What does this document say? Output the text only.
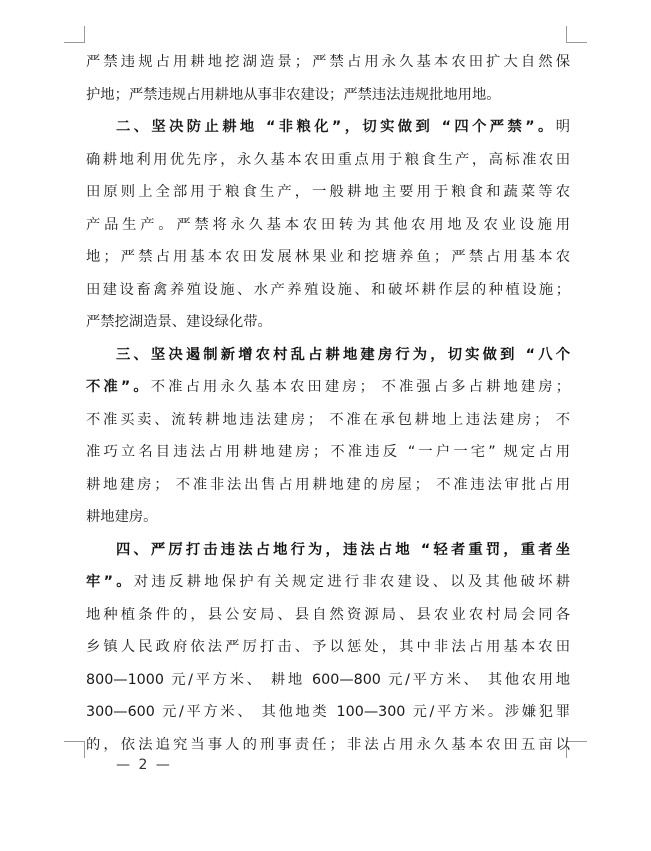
严禁违规占用耕地挖湖造景；严禁占用永久基本农田扩大自然保
护地；严禁违规占用耕地从事非农建设；严禁违法违规批地用地。
二、坚决防止耕地 “非粮化”，切实做到 “四个严禁”。明
确耕地利用优先序，永久基本农田重点用于粮食生产，高标准农田
田原则上全部用于粮食生产，一般耕地主要用于粮食和蔬菜等农
产品生产。严禁将永久基本农田转为其他农用地及农业设施用
地；严禁占用基本农田发展林果业和挖塘养鱼；严禁占用基本农
田建设畜禽养殖设施、水产养殖设施、和破坏耕作层的种植设施；
严禁挖湖造景、建设绿化带。
三、坚决遏制新增农村乱占耕地建房行为，切实做到 “八个
不准”。不准占用永久基本农田建房； 不准强占多占耕地建房；
不准买卖、流转耕地违法建房； 不准在承包耕地上违法建房； 不
准巧立名目违法占用耕地建房；不准违反 “一户一宅” 规定占用
耕地建房； 不准非法出售占用耕地建的房屋； 不准违法审批占用
耕地建房。
四、严厉打击违法占地行为，违法占地 “轻者重罚，重者坐
牢”。对违反耕地保护有关规定进行非农建设、以及其他破坏耕
地种植条件的，县公安局、县自然资源局、县农业农村局会同各
乡镇人民政府依法严厉打击、予以惩处，其中非法占用基本农田
800—1000 元/平方米、 耕地 600—800 元/平方米、 其他农用地
300—600 元/平方米、 其他地类 100—300 元/平方米。涉嫌犯罪
的，依法追究当事人的刑事责任；非法占用永久基本农田五亩以
— 2 —
